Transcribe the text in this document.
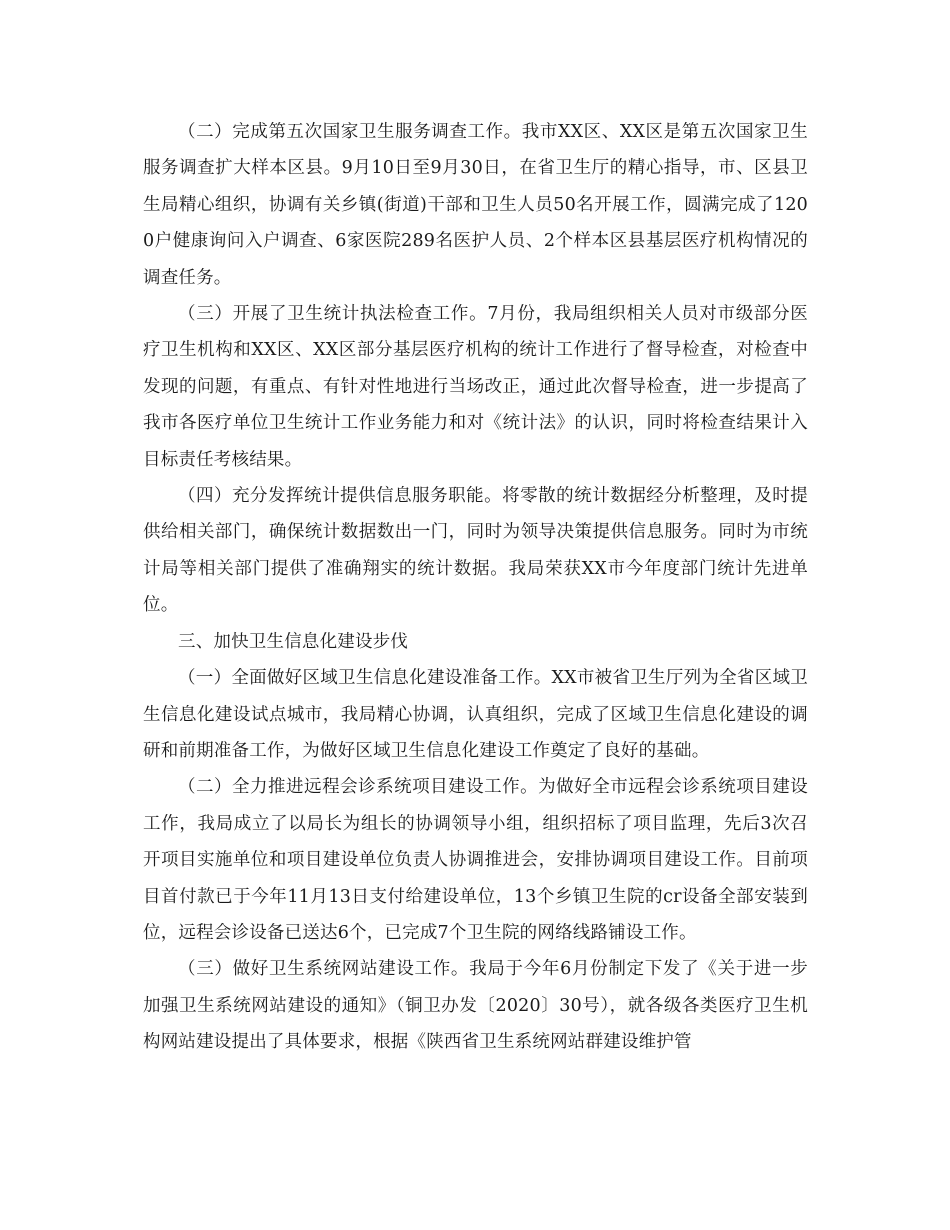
（二）完成第五次国家卫生服务调查工作。我市XX区、XX区是第五次国家卫生服务调查扩大样本区县。9月10日至9月30日，在省卫生厅的精心指导，市、区县卫生局精心组织，协调有关乡镇(街道)干部和卫生人员50名开展工作，圆满完成了1200户健康询问入户调查、6家医院289名医护人员、2个样本区县基层医疗机构情况的调查任务。

（三）开展了卫生统计执法检查工作。7月份，我局组织相关人员对市级部分医疗卫生机构和XX区、XX区部分基层医疗机构的统计工作进行了督导检查，对检查中发现的问题，有重点、有针对性地进行当场改正，通过此次督导检查，进一步提高了我市各医疗单位卫生统计工作业务能力和对《统计法》的认识，同时将检查结果计入目标责任考核结果。

（四）充分发挥统计提供信息服务职能。将零散的统计数据经分析整理，及时提供给相关部门，确保统计数据数出一门，同时为领导决策提供信息服务。同时为市统计局等相关部门提供了准确翔实的统计数据。我局荣获XX市今年度部门统计先进单位。

三、加快卫生信息化建设步伐

（一）全面做好区域卫生信息化建设准备工作。XX市被省卫生厅列为全省区域卫生信息化建设试点城市，我局精心协调，认真组织，完成了区域卫生信息化建设的调研和前期准备工作，为做好区域卫生信息化建设工作奠定了良好的基础。

（二）全力推进远程会诊系统项目建设工作。为做好全市远程会诊系统项目建设工作，我局成立了以局长为组长的协调领导小组，组织招标了项目监理，先后3次召开项目实施单位和项目建设单位负责人协调推进会，安排协调项目建设工作。目前项目首付款已于今年11月13日支付给建设单位，13个乡镇卫生院的cr设备全部安装到位，远程会诊设备已送达6个，已完成7个卫生院的网络线路铺设工作。

（三）做好卫生系统网站建设工作。我局于今年6月份制定下发了《关于进一步加强卫生系统网站建设的通知》（铜卫办发〔2020〕30号），就各级各类医疗卫生机构网站建设提出了具体要求，根据《陕西省卫生系统网站群建设维护管
